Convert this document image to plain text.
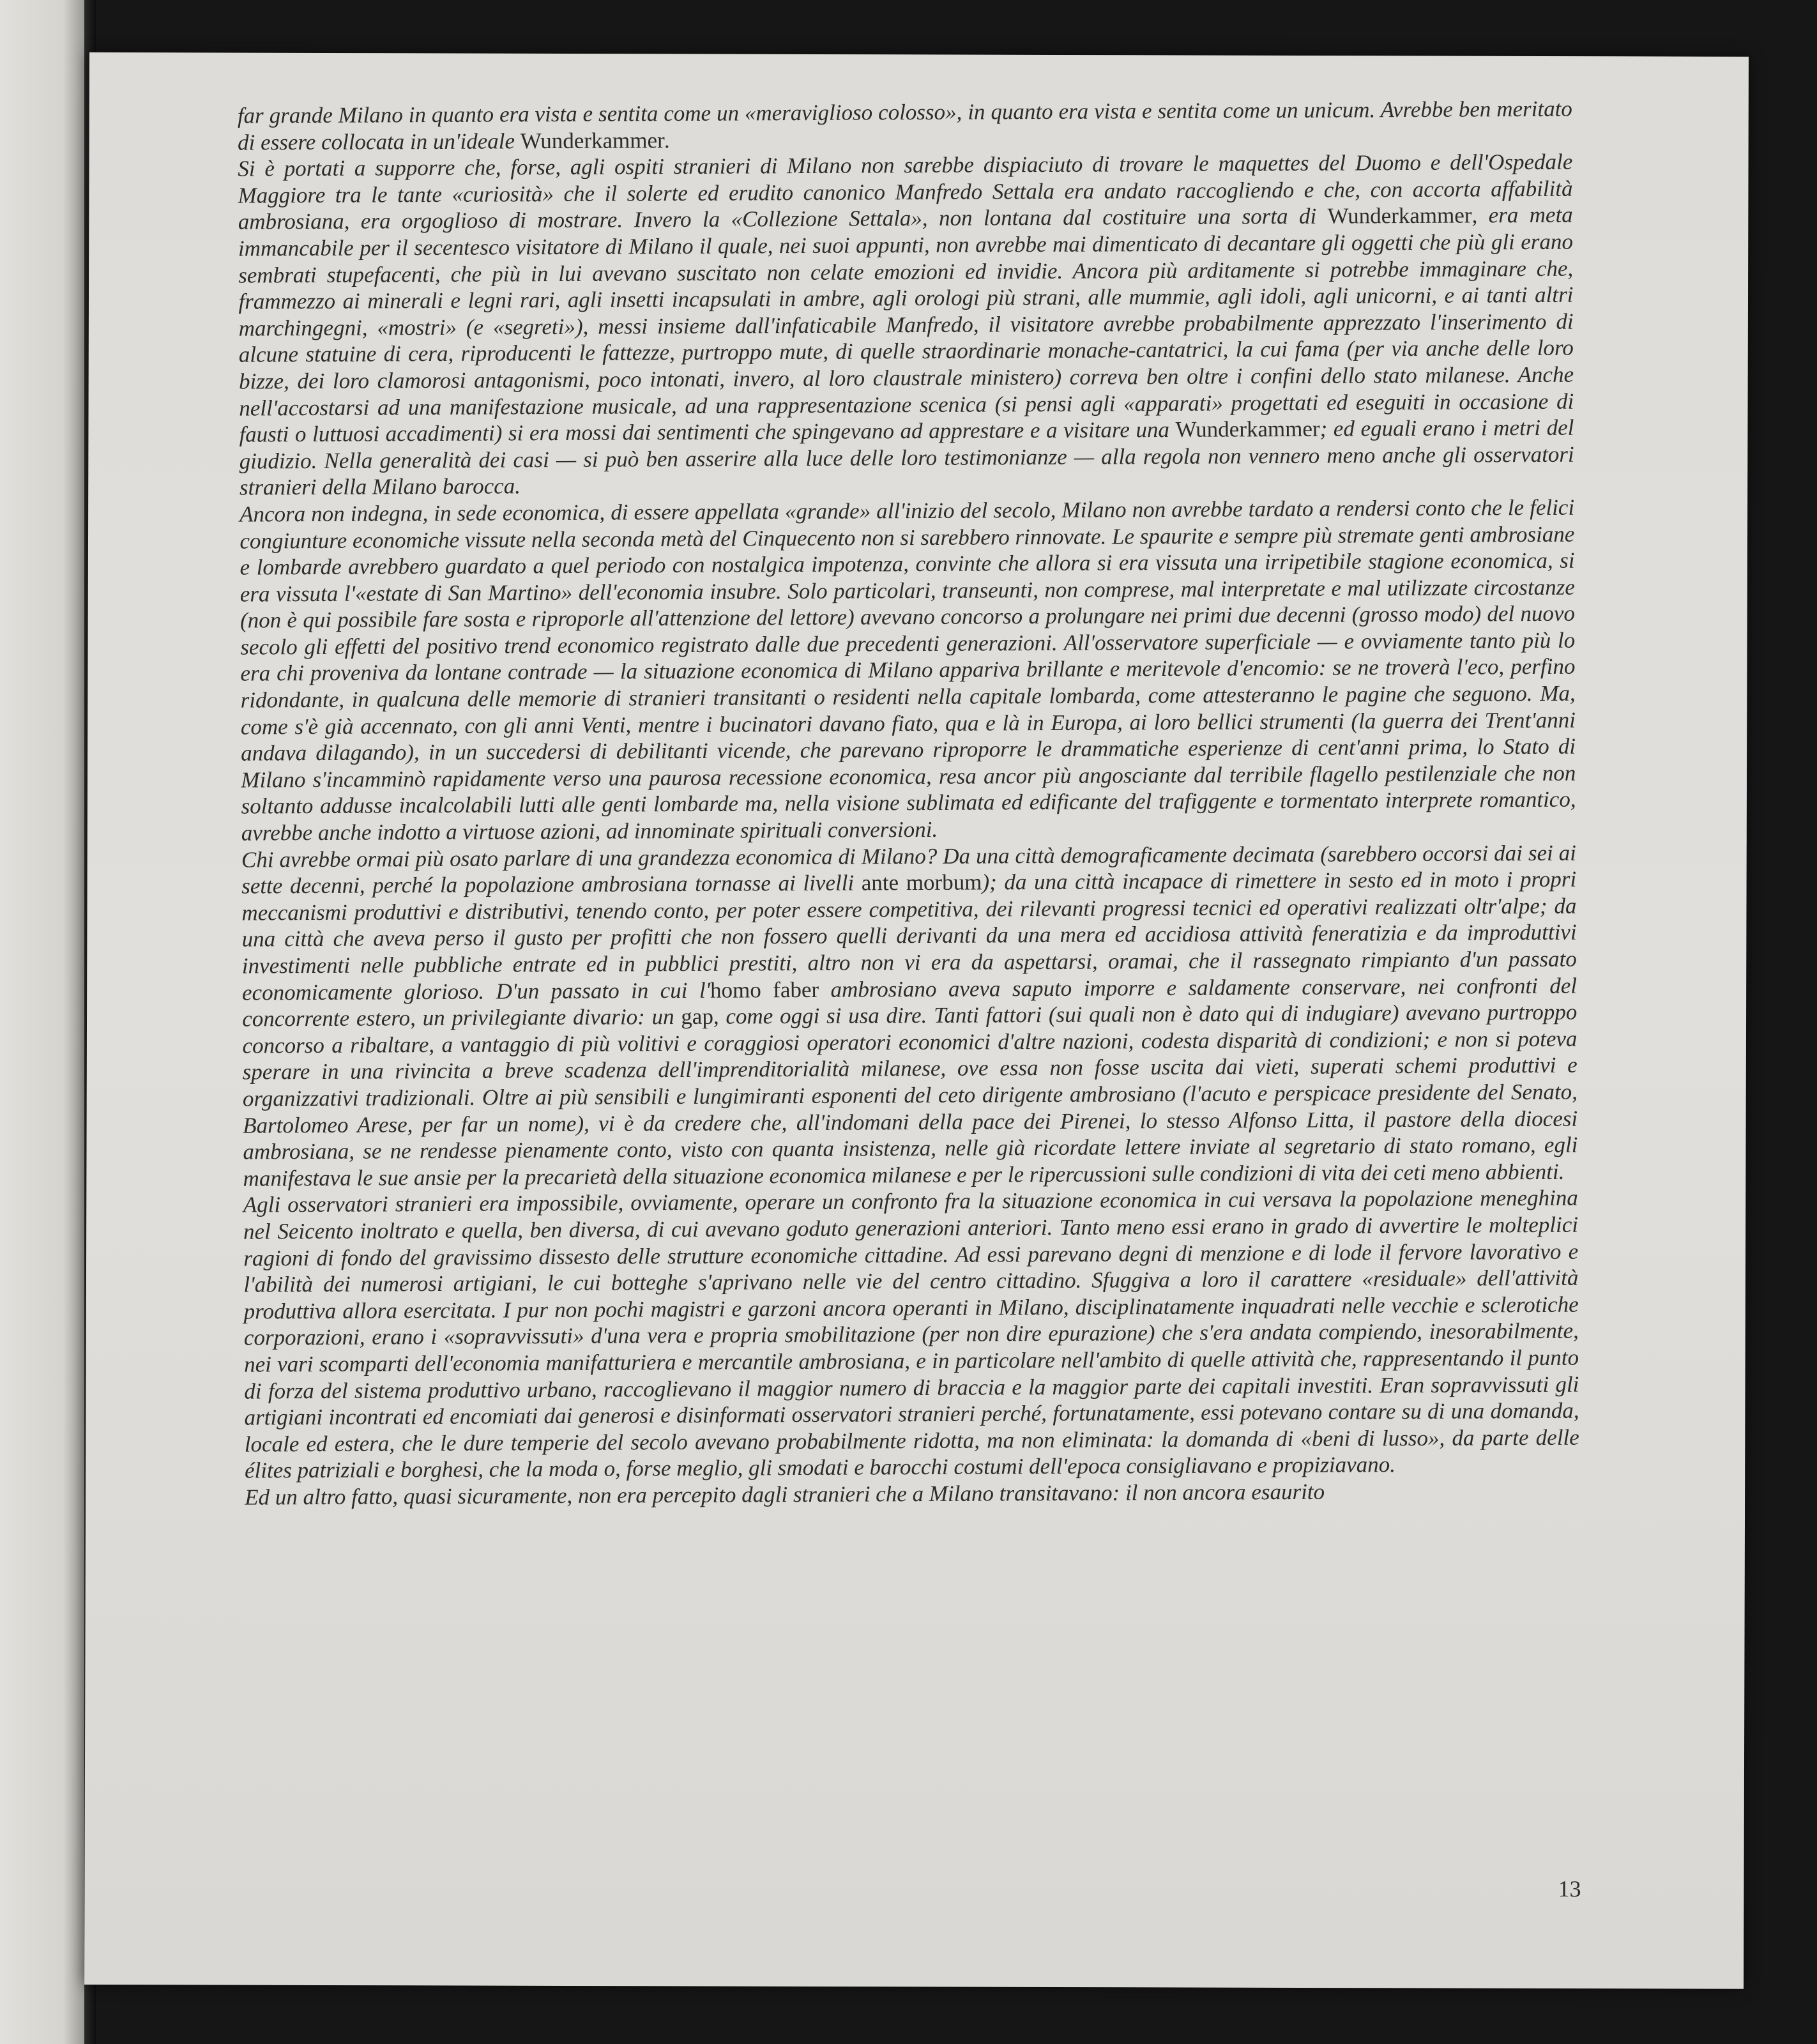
far grande Milano in quanto era vista e sentita come un «meraviglioso colosso», in quanto era vista e sentita come un unicum. Avrebbe ben meritato di essere collocata in un'ideale Wunderkammer.

Si è portati a supporre che, forse, agli ospiti stranieri di Milano non sarebbe dispiaciuto di trovare le maquettes del Duomo e dell'Ospedale Maggiore tra le tante «curiosità» che il solerte ed erudito canonico Manfredo Settala era andato raccogliendo e che, con accorta affabilità ambrosiana, era orgoglioso di mostrare. Invero la «Collezione Settala», non lontana dal costituire una sorta di Wunderkammer, era meta immancabile per il secentesco visitatore di Milano il quale, nei suoi appunti, non avrebbe mai dimenticato di decantare gli oggetti che più gli erano sembrati stupefacenti, che più in lui avevano suscitato non celate emozioni ed invidie. Ancora più arditamente si potrebbe immaginare che, frammezzo ai minerali e legni rari, agli insetti incapsulati in ambre, agli orologi più strani, alle mummie, agli idoli, agli unicorni, e ai tanti altri marchingegni, «mostri» (e «segreti»), messi insieme dall'infaticabile Manfredo, il visitatore avrebbe probabilmente apprezzato l'inserimento di alcune statuine di cera, riproducenti le fattezze, purtroppo mute, di quelle straordinarie monache-cantatrici, la cui fama (per via anche delle loro bizze, dei loro clamorosi antagonismi, poco intonati, invero, al loro claustrale ministero) correva ben oltre i confini dello stato milanese. Anche nell'accostarsi ad una manifestazione musicale, ad una rappresentazione scenica (si pensi agli «apparati» progettati ed eseguiti in occasione di fausti o luttuosi accadimenti) si era mossi dai sentimenti che spingevano ad apprestare e a visitare una Wunderkammer; ed eguali erano i metri del giudizio. Nella generalità dei casi — si può ben asserire alla luce delle loro testimonianze — alla regola non vennero meno anche gli osservatori stranieri della Milano barocca.

Ancora non indegna, in sede economica, di essere appellata «grande» all'inizio del secolo, Milano non avrebbe tardato a rendersi conto che le felici congiunture economiche vissute nella seconda metà del Cinquecento non si sarebbero rinnovate. Le spaurite e sempre più stremate genti ambrosiane e lombarde avrebbero guardato a quel periodo con nostalgica impotenza, convinte che allora si era vissuta una irripetibile stagione economica, si era vissuta l'«estate di San Martino» dell'economia insubre. Solo particolari, transeunti, non comprese, mal interpretate e mal utilizzate circostanze (non è qui possibile fare sosta e riproporle all'attenzione del lettore) avevano concorso a prolungare nei primi due decenni (grosso modo) del nuovo secolo gli effetti del positivo trend economico registrato dalle due precedenti generazioni. All'osservatore superficiale — e ovviamente tanto più lo era chi proveniva da lontane contrade — la situazione economica di Milano appariva brillante e meritevole d'encomio: se ne troverà l'eco, perfino ridondante, in qualcuna delle memorie di stranieri transitanti o residenti nella capitale lombarda, come attesteranno le pagine che seguono. Ma, come s'è già accennato, con gli anni Venti, mentre i bucinatori davano fiato, qua e là in Europa, ai loro bellici strumenti (la guerra dei Trent'anni andava dilagando), in un succedersi di debilitanti vicende, che parevano riproporre le drammatiche esperienze di cent'anni prima, lo Stato di Milano s'incamminò rapidamente verso una paurosa recessione economica, resa ancor più angosciante dal terribile flagello pestilenziale che non soltanto addusse incalcolabili lutti alle genti lombarde ma, nella visione sublimata ed edificante del trafiggente e tormentato interprete romantico, avrebbe anche indotto a virtuose azioni, ad innominate spirituali conversioni.

Chi avrebbe ormai più osato parlare di una grandezza economica di Milano? Da una città demograficamente decimata (sarebbero occorsi dai sei ai sette decenni, perché la popolazione ambrosiana tornasse ai livelli ante morbum); da una città incapace di rimettere in sesto ed in moto i propri meccanismi produttivi e distributivi, tenendo conto, per poter essere competitiva, dei rilevanti progressi tecnici ed operativi realizzati oltr'alpe; da una città che aveva perso il gusto per profitti che non fossero quelli derivanti da una mera ed accidiosa attività feneratizia e da improduttivi investimenti nelle pubbliche entrate ed in pubblici prestiti, altro non vi era da aspettarsi, oramai, che il rassegnato rimpianto d'un passato economicamente glorioso. D'un passato in cui l'homo faber ambrosiano aveva saputo imporre e saldamente conservare, nei confronti del concorrente estero, un privilegiante divario: un gap, come oggi si usa dire. Tanti fattori (sui quali non è dato qui di indugiare) avevano purtroppo concorso a ribaltare, a vantaggio di più volitivi e coraggiosi operatori economici d'altre nazioni, codesta disparità di condizioni; e non si poteva sperare in una rivincita a breve scadenza dell'imprenditorialità milanese, ove essa non fosse uscita dai vieti, superati schemi produttivi e organizzativi tradizionali. Oltre ai più sensibili e lungimiranti esponenti del ceto dirigente ambrosiano (l'acuto e perspicace presidente del Senato, Bartolomeo Arese, per far un nome), vi è da credere che, all'indomani della pace dei Pirenei, lo stesso Alfonso Litta, il pastore della diocesi ambrosiana, se ne rendesse pienamente conto, visto con quanta insistenza, nelle già ricordate lettere inviate al segretario di stato romano, egli manifestava le sue ansie per la precarietà della situazione economica milanese e per le ripercussioni sulle condizioni di vita dei ceti meno abbienti.

Agli osservatori stranieri era impossibile, ovviamente, operare un confronto fra la situazione economica in cui versava la popolazione meneghina nel Seicento inoltrato e quella, ben diversa, di cui avevano goduto generazioni anteriori. Tanto meno essi erano in grado di avvertire le molteplici ragioni di fondo del gravissimo dissesto delle strutture economiche cittadine. Ad essi parevano degni di menzione e di lode il fervore lavorativo e l'abilità dei numerosi artigiani, le cui botteghe s'aprivano nelle vie del centro cittadino. Sfuggiva a loro il carattere «residuale» dell'attività produttiva allora esercitata. I pur non pochi magistri e garzoni ancora operanti in Milano, disciplinatamente inquadrati nelle vecchie e sclerotiche corporazioni, erano i «sopravvissuti» d'una vera e propria smobilitazione (per non dire epurazione) che s'era andata compiendo, inesorabilmente, nei vari scomparti dell'economia manifatturiera e mercantile ambrosiana, e in particolare nell'ambito di quelle attività che, rappresentando il punto di forza del sistema produttivo urbano, raccoglievano il maggior numero di braccia e la maggior parte dei capitali investiti. Eran sopravvissuti gli artigiani incontrati ed encomiati dai generosi e disinformati osservatori stranieri perché, fortunatamente, essi potevano contare su di una domanda, locale ed estera, che le dure temperie del secolo avevano probabilmente ridotta, ma non eliminata: la domanda di «beni di lusso», da parte delle élites patriziali e borghesi, che la moda o, forse meglio, gli smodati e barocchi costumi dell'epoca consigliavano e propiziavano.

Ed un altro fatto, quasi sicuramente, non era percepito dagli stranieri che a Milano transitavano: il non ancora esaurito

13
